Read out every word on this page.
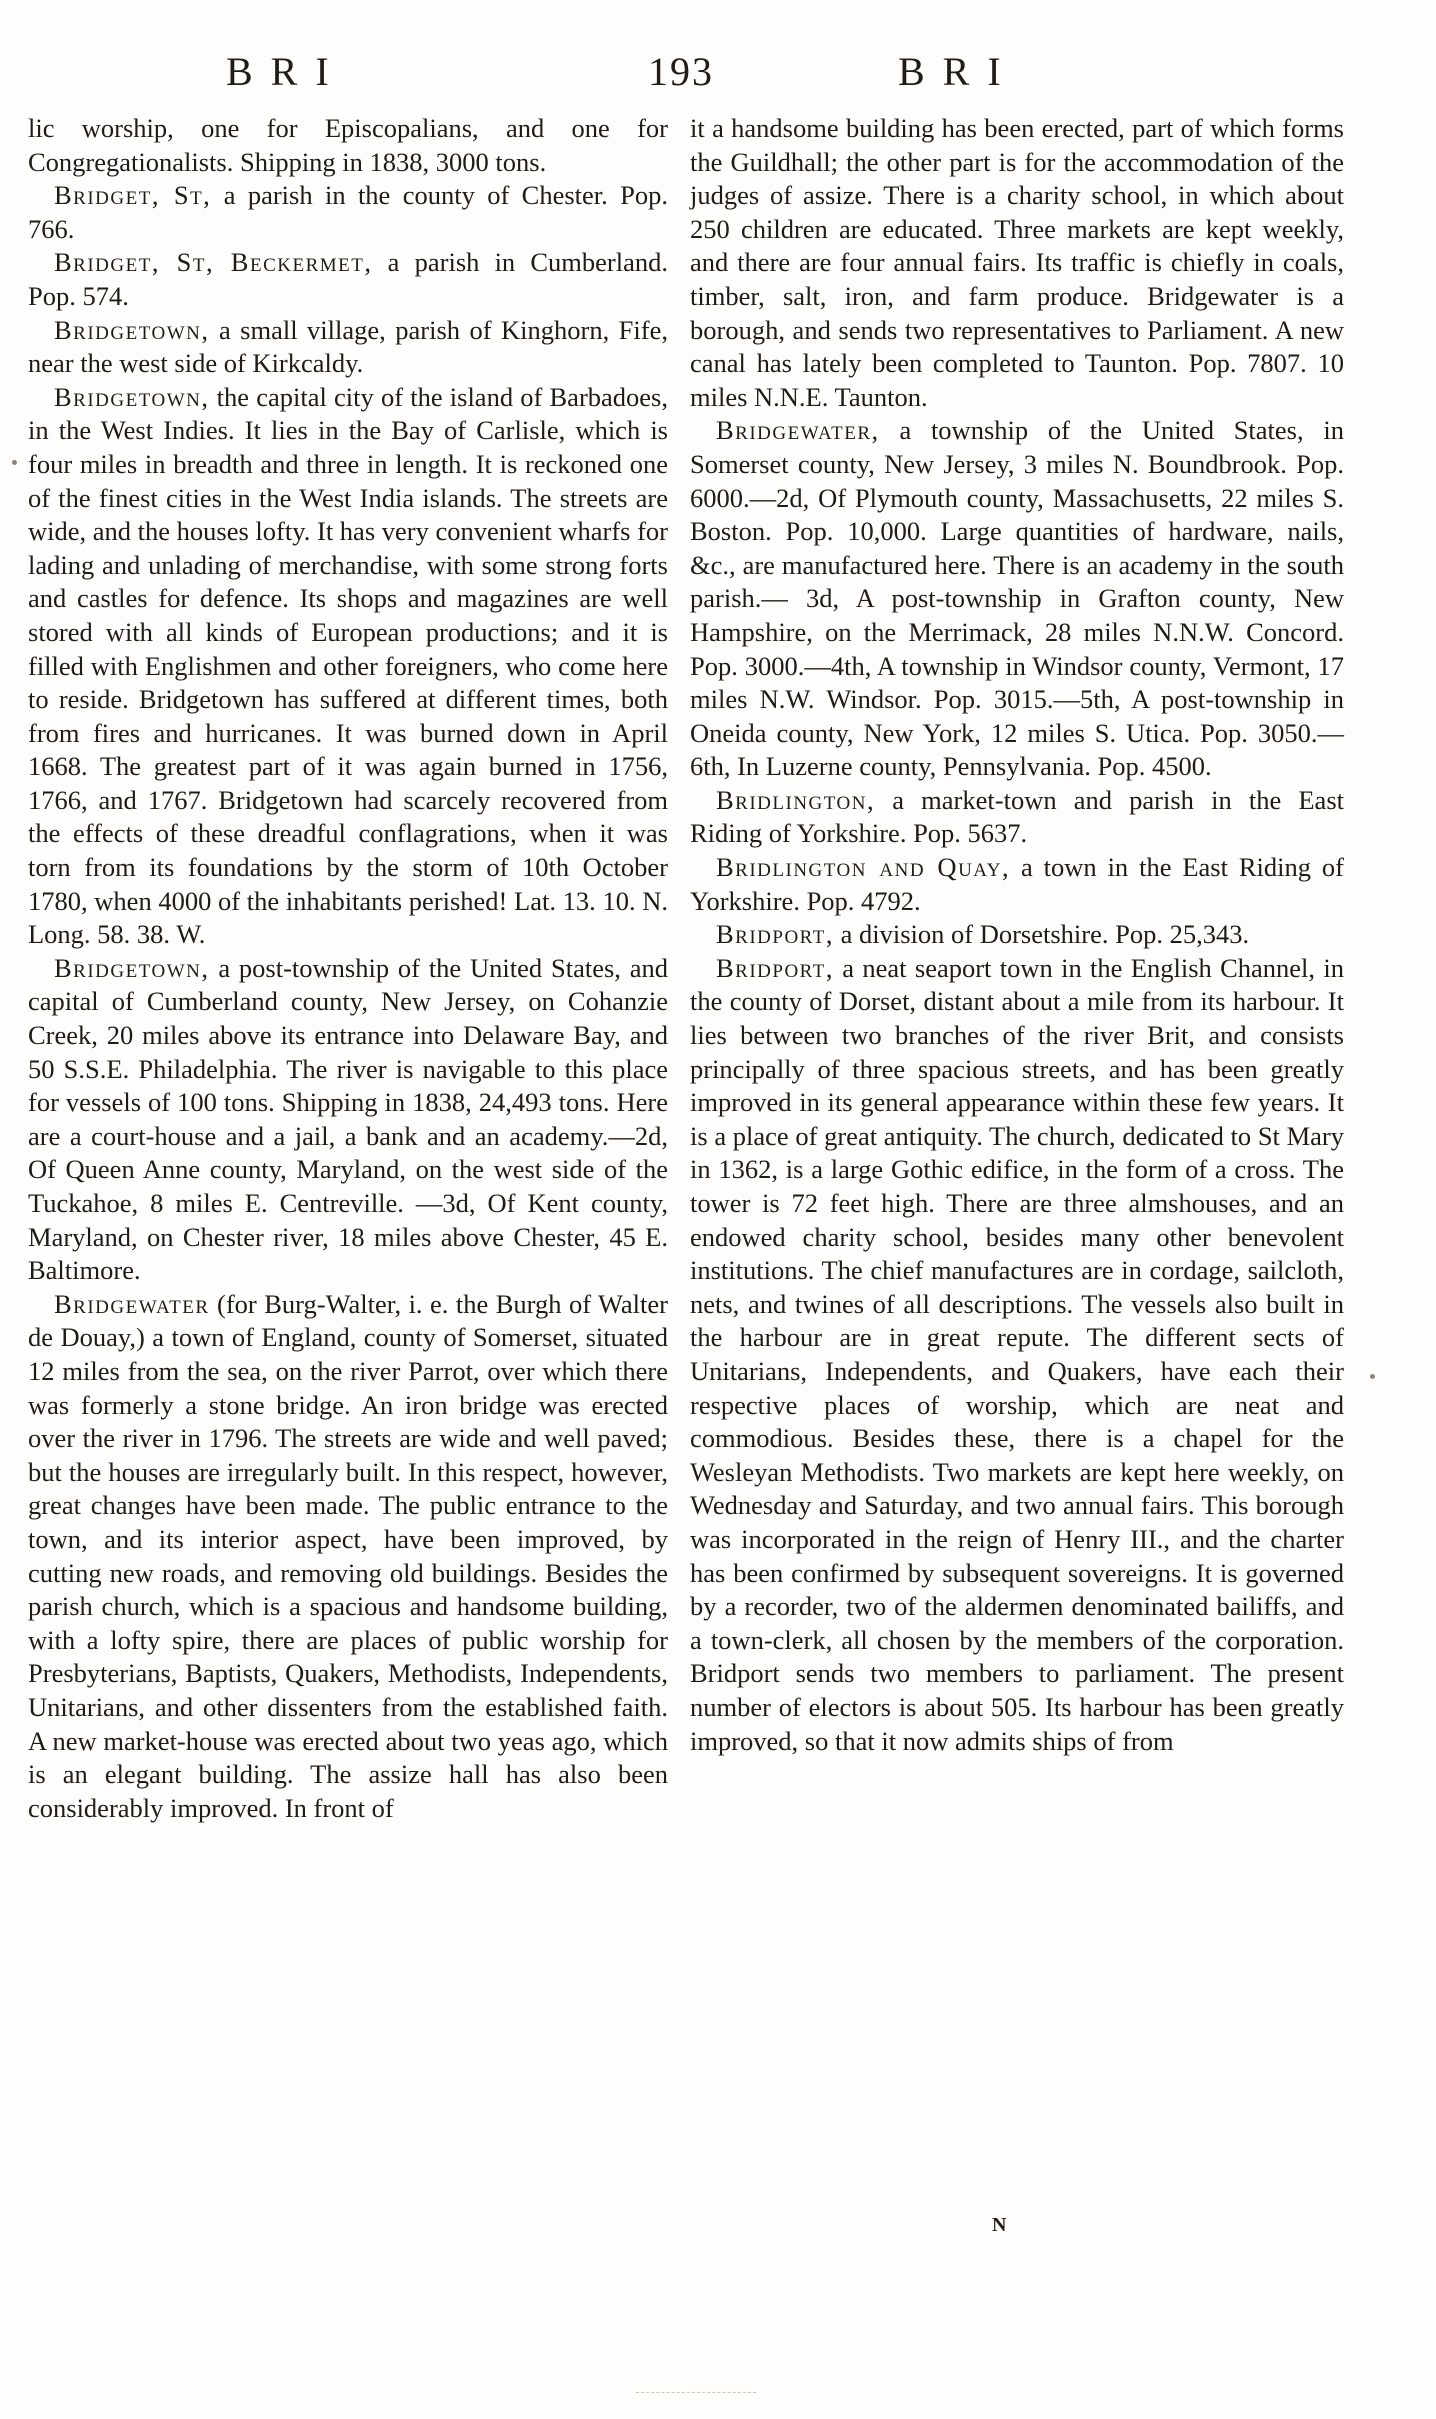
BRI	193	BRI

lic worship, one for Episcopalians, and one for Congregationalists. Shipping in 1838, 3000 tons.

Bridget, St, a parish in the county of Chester. Pop. 766.

Bridget, St, Beckermet, a parish in Cumberland. Pop. 574.

Bridgetown, a small village, parish of Kinghorn, Fife, near the west side of Kirkcaldy.

Bridgetown, the capital city of the island of Barbadoes, in the West Indies. It lies in the Bay of Carlisle, which is four miles in breadth and three in length. It is reckoned one of the finest cities in the West India islands. The streets are wide, and the houses lofty. It has very convenient wharfs for lading and unlading of merchandise, with some strong forts and castles for defence. Its shops and magazines are well stored with all kinds of European productions; and it is filled with Englishmen and other foreigners, who come here to reside. Bridgetown has suffered at different times, both from fires and hurricanes. It was burned down in April 1668. The greatest part of it was again burned in 1756, 1766, and 1767. Bridgetown had scarcely recovered from the effects of these dreadful conflagrations, when it was torn from its foundations by the storm of 10th October 1780, when 4000 of the inhabitants perished! Lat. 13. 10. N. Long. 58. 38. W.

Bridgetown, a post-township of the United States, and capital of Cumberland county, New Jersey, on Cohanzie Creek, 20 miles above its entrance into Delaware Bay, and 50 S.S.E. Philadelphia. The river is navigable to this place for vessels of 100 tons. Shipping in 1838, 24,493 tons. Here are a court-house and a jail, a bank and an academy.—2d, Of Queen Anne county, Maryland, on the west side of the Tuckahoe, 8 miles E. Centreville. —3d, Of Kent county, Maryland, on Chester river, 18 miles above Chester, 45 E. Baltimore.

Bridgewater (for Burg-Walter, i. e. the Burgh of Walter de Douay,) a town of England, county of Somerset, situated 12 miles from the sea, on the river Parrot, over which there was formerly a stone bridge. An iron bridge was erected over the river in 1796. The streets are wide and well paved; but the houses are irregularly built. In this respect, however, great changes have been made. The public entrance to the town, and its interior aspect, have been improved, by cutting new roads, and removing old buildings. Besides the parish church, which is a spacious and handsome building, with a lofty spire, there are places of public worship for Presbyterians, Baptists, Quakers, Methodists, Independents, Unitarians, and other dissenters from the established faith. A new market-house was erected about two yeas ago, which is an elegant building. The assize hall has also been considerably improved. In front of

it a handsome building has been erected, part of which forms the Guildhall; the other part is for the accommodation of the judges of assize. There is a charity school, in which about 250 children are educated. Three markets are kept weekly, and there are four annual fairs. Its traffic is chiefly in coals, timber, salt, iron, and farm produce. Bridgewater is a borough, and sends two representatives to Parliament. A new canal has lately been completed to Taunton. Pop. 7807. 10 miles N.N.E. Taunton.

Bridgewater, a township of the United States, in Somerset county, New Jersey, 3 miles N. Boundbrook. Pop. 6000.—2d, Of Plymouth county, Massachusetts, 22 miles S. Boston. Pop. 10,000. Large quantities of hardware, nails, &c., are manufactured here. There is an academy in the south parish.— 3d, A post-township in Grafton county, New Hampshire, on the Merrimack, 28 miles N.N.W. Concord. Pop. 3000.—4th, A township in Windsor county, Vermont, 17 miles N.W. Windsor. Pop. 3015.—5th, A post-township in Oneida county, New York, 12 miles S. Utica. Pop. 3050.—6th, In Luzerne county, Pennsylvania. Pop. 4500.

Bridlington, a market-town and parish in the East Riding of Yorkshire. Pop. 5637.

Bridlington and Quay, a town in the East Riding of Yorkshire. Pop. 4792.

Bridport, a division of Dorsetshire. Pop. 25,343.

Bridport, a neat seaport town in the English Channel, in the county of Dorset, distant about a mile from its harbour. It lies between two branches of the river Brit, and consists principally of three spacious streets, and has been greatly improved in its general appearance within these few years. It is a place of great antiquity. The church, dedicated to St Mary in 1362, is a large Gothic edifice, in the form of a cross. The tower is 72 feet high. There are three almshouses, and an endowed charity school, besides many other benevolent institutions. The chief manufactures are in cordage, sailcloth, nets, and twines of all descriptions. The vessels also built in the harbour are in great repute. The different sects of Unitarians, Independents, and Quakers, have each their respective places of worship, which are neat and commodious. Besides these, there is a chapel for the Wesleyan Methodists. Two markets are kept here weekly, on Wednesday and Saturday, and two annual fairs. This borough was incorporated in the reign of Henry III., and the charter has been confirmed by subsequent sovereigns. It is governed by a recorder, two of the aldermen denominated bailiffs, and a town-clerk, all chosen by the members of the corporation. Bridport sends two members to parliament. The present number of electors is about 505. Its harbour has been greatly improved, so that it now admits ships of from

N
